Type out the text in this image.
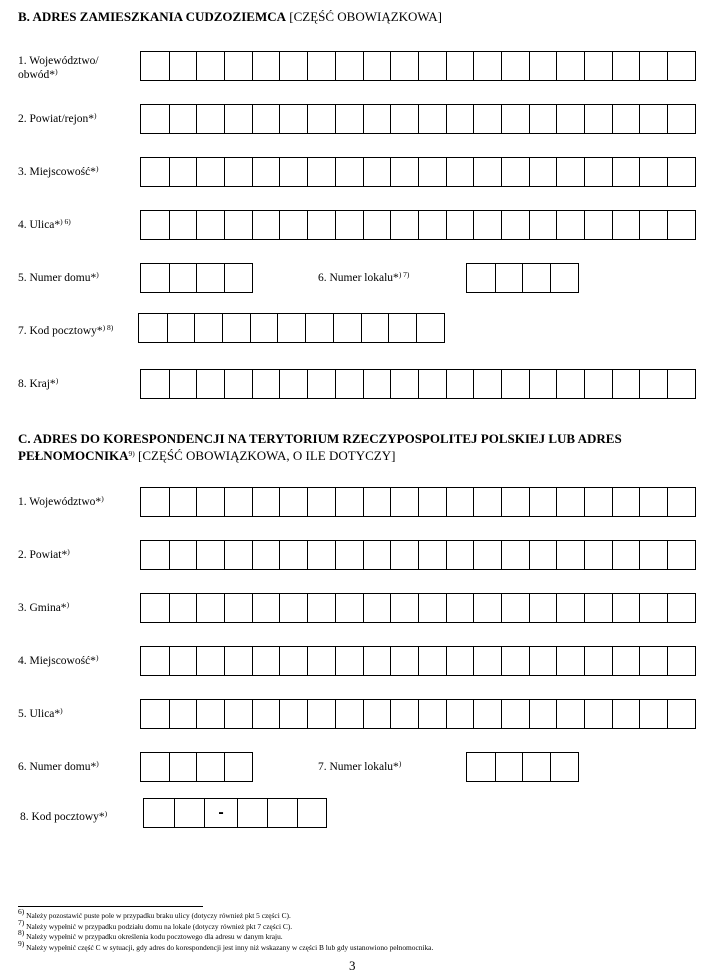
B. ADRES ZAMIESZKANIA CUDZOZIEMCA [CZĘŚĆ OBOWIĄZKOWA]
1. Województwo/
obwód*)
2. Powiat/rejon*)
3. Miejscowość*)
4. Ulica*$^{) 6)}$
5. Numer domu*)	6. Numer lokalu*$^{) 7)}$
7. Kod pocztowy*$^{) 8)}$
8. Kraj*)
C. ADRES DO KORESPONDENCJI NA TERYTORIUM RZECZYPOSPOLITEJ POLSKIEJ LUB ADRES
PEŁNOMOCNIKA$^{9)}$ [CZĘŚĆ OBOWIĄZKOWA, O ILE DOTYCZY]
1. Województwo*)
2. Powiat*)
3. Gmina*)
4. Miejscowość*)
5. Ulica*)
6. Numer domu*)	7. Numer lokalu*)
8. Kod pocztowy*)	-
$^{6)}$ Należy pozostawić puste pole w przypadku braku ulicy (dotyczy również pkt 5 części C).
$^{7)}$ Należy wypełnić w przypadku podziału domu na lokale (dotyczy również pkt 7 części C).
$^{8)}$ Należy wypełnić w przypadku określenia kodu pocztowego dla adresu w danym kraju.
$^{9)}$ Należy wypełnić część C w sytuacji, gdy adres do korespondencji jest inny niż wskazany w części B lub gdy ustanowiono pełnomocnika.
3
